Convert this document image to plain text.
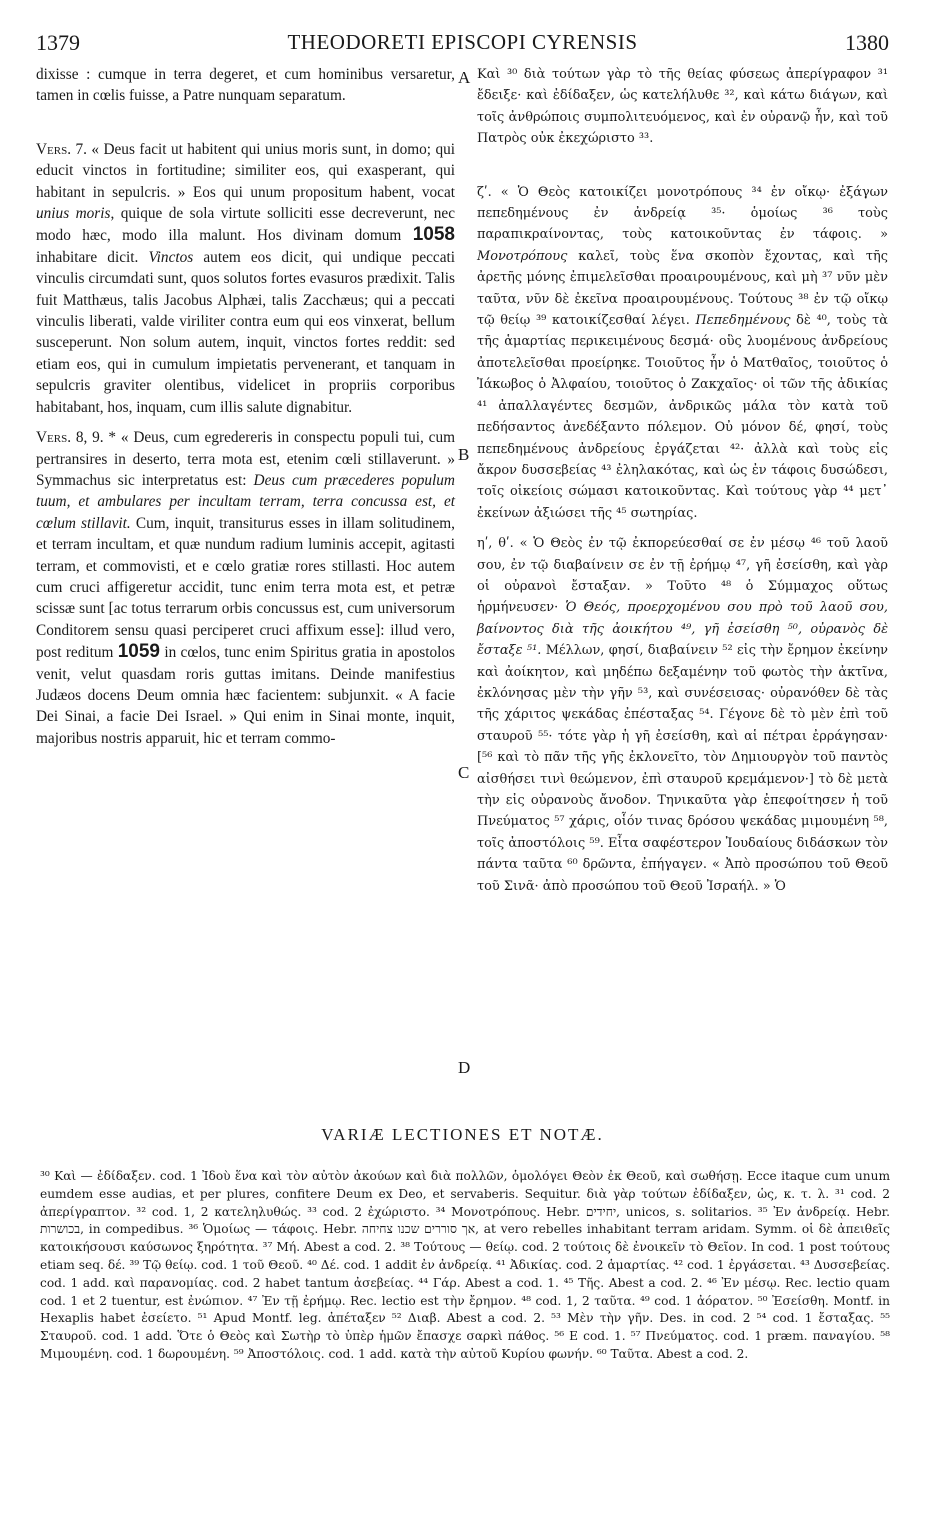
1379	THEODORETI EPISCOPI CYRENSIS	1380

dixisse : cumque in terra degeret, et cum hominibus versaretur, tamen in cœlis fuisse, a Patre nunquam separatum.

Vers. 7. « Deus facit ut habitent qui unius moris sunt, in domo; qui educit vinctos in fortitudine; similiter eos, qui exasperant, qui habitant in sepulcris. » Eos qui unum propositum habent, vocat unius moris, quique de sola virtute solliciti esse decreverunt, nec modo hæc, modo illa malunt. Hos divinam domum 1058 inhabitare dicit. Vinctos autem eos dicit, qui undique peccati vinculis circumdati sunt, quos solutos fortes evasuros prædixit. Talis fuit Matthæus, talis Jacobus Alphæi, talis Zacchæus; qui a peccati vinculis liberati, valde viriliter contra eum qui eos vinxerat, bellum susceperunt. Non solum autem, inquit, vinctos fortes reddit: sed etiam eos, qui in cumulum impietatis pervenerant, et tanquam in sepulcris graviter olentibus, videlicet in propriis corporibus habitabant, hos, inquam, cum illis salute dignabitur.

Vers. 8, 9. * « Deus, cum egredereris in conspectu populi tui, cum pertransires in deserto, terra mota est, etenim cœli stillaverunt. » Symmachus sic interpretatus est: Deus cum præcederes populum tuum, et ambulares per incultam terram, terra concussa est, et cœlum stillavit. Cum, inquit, transiturus esses in illam solitudinem, et terram incultam, et quæ nundum radium luminis accepit, agitasti terram, et commovisti, et e cœlo gratiæ rores stillasti. Hoc autem cum cruci affigeretur accidit, tunc enim terra mota est, et petræ scissæ sunt [ac totus terrarum orbis concussus est, cum universorum Conditorem sensu quasi perciperet cruci affixum esse]: illud vero, post reditum 1059 in cœlos, tunc enim Spiritus gratia in apostolos venit, velut quasdam roris guttas imitans. Deinde manifestius Judæos docens Deum omnia hæc facientem: subjunxit. « A facie Dei Sinai, a facie Dei Israel. » Qui enim in Sinai monte, inquit, majoribus nostris apparuit, hic et terram commo-

A
B
C
D

Καὶ ³⁰ διὰ τούτων γὰρ τὸ τῆς θείας φύσεως ἀπερίγραφον ³¹ ἔδειξε· καὶ ἐδίδαξεν, ὡς κατελήλυθε ³², καὶ κάτω διάγων, καὶ τοῖς ἀνθρώποις συμπολιτευόμενος, καὶ ἐν οὐρανῷ ἦν, καὶ τοῦ Πατρὸς οὐκ ἐκεχώριστο ³³.

ζʹ. « Ὁ Θεὸς κατοικίζει μονοτρόπους ³⁴ ἐν οἴκῳ· ἐξάγων πεπεδημένους ἐν ἀνδρείᾳ ³⁵· ὁμοίως ³⁶ τοὺς παραπικραίνοντας, τοὺς κατοικοῦντας ἐν τάφοις. » Μονοτρόπους καλεῖ, τοὺς ἕνα σκοπὸν ἔχοντας, καὶ τῆς ἀρετῆς μόνης ἐπιμελεῖσθαι προαιρουμένους, καὶ μὴ ³⁷ νῦν μὲν ταῦτα, νῦν δὲ ἐκεῖνα προαιρουμένους. Τούτους ³⁸ ἐν τῷ οἴκῳ τῷ θείῳ ³⁹ κατοικίζεσθαί λέγει. Πεπεδημένους δὲ ⁴⁰, τοὺς τὰ τῆς ἁμαρτίας περικειμένους δεσμά· οὓς λυομένους ἀνδρείους ἀποτελεῖσθαι προείρηκε. Τοιοῦτος ἦν ὁ Ματθαῖος, τοιοῦτος ὁ Ἰάκωβος ὁ Ἀλφαίου, τοιοῦτος ὁ Ζακχαῖος· οἱ τῶν τῆς ἀδικίας ⁴¹ ἀπαλλαγέντες δεσμῶν, ἀνδρικῶς μάλα τὸν κατὰ τοῦ πεδήσαντος ἀνεδέξαντο πόλεμον. Οὐ μόνον δέ, φησί, τοὺς πεπεδημένους ἀνδρείους ἐργάζεται ⁴²· ἀλλὰ καὶ τοὺς εἰς ἄκρον δυσσεβείας ⁴³ ἐληλακότας, καὶ ὡς ἐν τάφοις δυσώδεσι, τοῖς οἰκείοις σώμασι κατοικοῦντας. Καὶ τούτους γὰρ ⁴⁴ μετ᾽ ἐκείνων ἀξιώσει τῆς ⁴⁵ σωτηρίας.

ηʹ, θʹ. « Ὁ Θεὸς ἐν τῷ ἐκπορεύεσθαί σε ἐν μέσῳ ⁴⁶ τοῦ λαοῦ σου, ἐν τῷ διαβαίνειν σε ἐν τῇ ἐρήμῳ ⁴⁷, γῆ ἐσείσθη, καὶ γὰρ οἱ οὐρανοὶ ἔσταξαν. » Τοῦτο ⁴⁸ ὁ Σύμμαχος οὕτως ἡρμήνευσεν· Ὁ Θεός, προερχομένου σου πρὸ τοῦ λαοῦ σου, βαίνοντος διὰ τῆς ἀοικήτου ⁴⁹, γῆ ἐσείσθη ⁵⁰, οὐρανὸς δὲ ἔσταξε ⁵¹. Μέλλων, φησί, διαβαίνειν ⁵² εἰς τὴν ἔρημον ἐκείνην καὶ ἀοίκητον, καὶ μηδέπω δεξαμένην τοῦ φωτὸς τὴν ἀκτῖνα, ἐκλόνησας μὲν τὴν γῆν ⁵³, καὶ συνέσεισας· οὐρανόθεν δὲ τὰς τῆς χάριτος ψεκάδας ἐπέσταξας ⁵⁴. Γέγονε δὲ τὸ μὲν ἐπὶ τοῦ σταυροῦ ⁵⁵· τότε γὰρ ἡ γῆ ἐσείσθη, καὶ αἱ πέτραι ἐρράγησαν· [⁵⁶ καὶ τὸ πᾶν τῆς γῆς ἐκλονεῖτο, τὸν Δημιουργὸν τοῦ παντὸς αἰσθήσει τινὶ θεώμενον, ἐπὶ σταυροῦ κρεμάμενον·] τὸ δὲ μετὰ τὴν εἰς οὐρανοὺς ἄνοδον. Τηνικαῦτα γὰρ ἐπεφοίτησεν ἡ τοῦ Πνεύματος ⁵⁷ χάρις, οἷόν τινας δρόσου ψεκάδας μιμουμένη ⁵⁸, τοῖς ἀποστόλοις ⁵⁹. Εἶτα σαφέστερον Ἰουδαίους διδάσκων τὸν πάντα ταῦτα ⁶⁰ δρῶντα, ἐπήγαγεν. « Ἀπὸ προσώπου τοῦ Θεοῦ τοῦ Σινᾶ· ἀπὸ προσώπου τοῦ Θεοῦ Ἰσραήλ. » Ὁ

VARIÆ LECTIONES ET NOTÆ.
³⁰ Καὶ — ἐδίδαξεν. cod. 1 Ἰδοὺ ἕνα καὶ τὸν αὐτὸν ἀκούων καὶ διὰ πολλῶν, ὁμολόγει Θεὸν ἐκ Θεοῦ, καὶ σωθήσῃ. Ecce itaque cum unum eumdem esse audias, et per plures, confitere Deum ex Deo, et servaberis. Sequitur. διὰ γὰρ τούτων ἐδίδαξεν, ὡς, κ. τ. λ. ³¹ cod. 2 ἀπερίγραπτον. ³² cod. 1, 2 κατεληλυθώς. ³³ cod. 2 ἐχώριστο. ³⁴ Μονοτρόπους. Hebr. יחידים, unicos, s. solitarios. ³⁵ Ἐν ἀνδρείᾳ. Hebr. בכושרות, in compedibus. ³⁶ Ὁμοίως — τάφοις. Hebr. אך סוררים שכנו צחיחה, at vero rebelles inhabitant terram aridam. Symm. οἱ δὲ ἀπειθεῖς κατοικήσουσι καύσωνος ξηρότητα. ³⁷ Μή. Abest a cod. 2. ³⁸ Τούτους — θείῳ. cod. 2 τούτοις δὲ ἐνοικεῖν τὸ Θεῖον. In cod. 1 post τούτους etiam seq. δέ. ³⁹ Τῷ θείῳ. cod. 1 τοῦ Θεοῦ. ⁴⁰ Δέ. cod. 1 addit ἐν ἀνδρείᾳ. ⁴¹ Ἀδικίας. cod. 2 ἁμαρτίας. ⁴² cod. 1 ἐργάσεται. ⁴³ Δυσσεβείας. cod. 1 add. καὶ παρανομίας. cod. 2 habet tantum ἀσεβείας. ⁴⁴ Γάρ. Abest a cod. 1. ⁴⁵ Τῆς. Abest a cod. 2. ⁴⁶ Ἐν μέσῳ. Rec. lectio quam cod. 1 et 2 tuentur, est ἐνώπιον. ⁴⁷ Ἐν τῇ ἐρήμῳ. Rec. lectio est τὴν ἔρημον. ⁴⁸ cod. 1, 2 ταῦτα. ⁴⁹ cod. 1 ἀόρατον. ⁵⁰ Ἐσείσθη. Montf. in Hexaplis habet ἐσείετο. ⁵¹ Apud Montf. leg. ἀπέταξεν ⁵² Διαβ. Abest a cod. 2. ⁵³ Μὲν τὴν γῆν. Des. in cod. 2 ⁵⁴ cod. 1 ἔσταξας. ⁵⁵ Σταυροῦ. cod. 1 add. Ὅτε ὁ Θεὸς καὶ Σωτὴρ τὸ ὑπὲρ ἡμῶν ἔπασχε σαρκὶ πάθος. ⁵⁶ E cod. 1. ⁵⁷ Πνεύματος. cod. 1 præm. παναγίου. ⁵⁸ Μιμουμένη. cod. 1 δωρουμένη. ⁵⁹ Ἀποστόλοις. cod. 1 add. κατὰ τὴν αὐτοῦ Κυρίου φωνήν. ⁶⁰ Ταῦτα. Abest a cod. 2.
